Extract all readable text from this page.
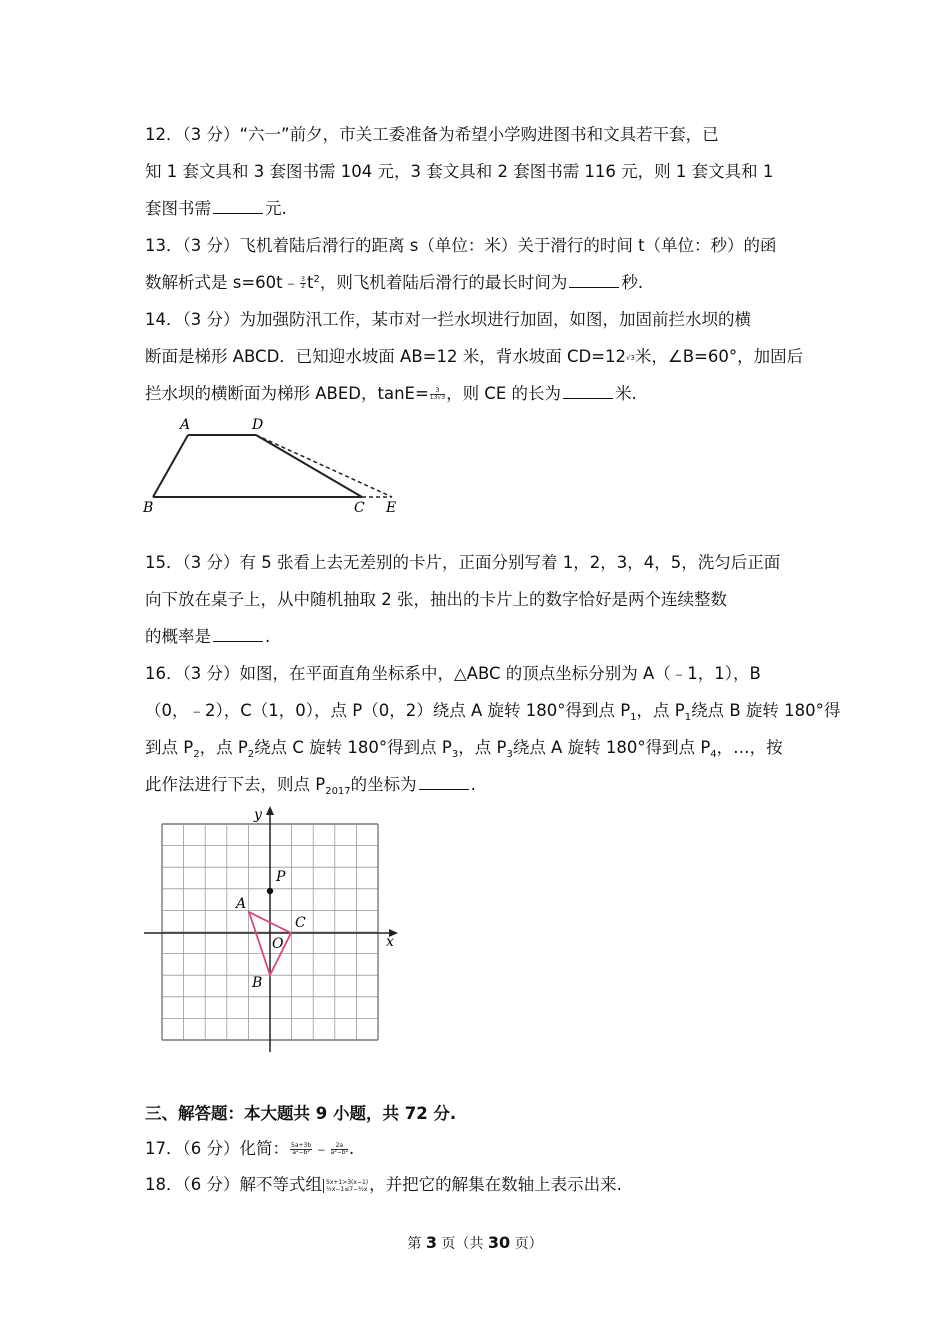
12．（3 分）“六一”前夕，市关工委准备为希望小学购进图书和文具若干套，已
知 1 套文具和 3 套图书需 104 元，3 套文具和 2 套图书需 116 元，则 1 套文具和 1
套图书需	元.
13．（3 分）飞机着陆后滑行的距离 s（单位：米）关于滑行的时间 t（单位：秒）的函
数解析式是 s=60t﹣ $\frac{3}{2} t^2$，则飞机着陆后滑行的最长时间为	秒.
14．（3 分）为加强防汛工作，某市对一拦水坝进行加固，如图，加固前拦水坝的横
断面是梯形 ABCD．已知迎水坡面 AB=12 米，背水坡面 CD=12√3米，∠B=60°，加固后
拦水坝的横断面为梯形 ABED，$\tan E= \frac{3}{13√3}$ ，则 CE 的长为	米.
A	D
B	C E
15．（3 分）有 5 张看上去无差别的卡片，正面分别写着 1，2，3，4，5，洗匀后正面
向下放在桌子上，从中随机抽取 2 张，抽出的卡片上的数字恰好是两个连续整数
的概率是	.
16．（3 分）如图，在平面直角坐标系中，△ABC 的顶点坐标分别为 A（﹣1，1），B
（0，﹣2），C（1，0），点 P（0，2）绕点 A 旋转 180°得到点 $P_1$，点 $P_1$绕点 B 旋转 180°得
到点 $P_2$，点 $P_2$绕点 C 旋转 180°得到点 $P_3$，点 $P_3$绕点 A 旋转 180°得到点 $P_4$，…，按
此作法进行下去，则点 $P_{2017}$的坐标为	.
y
x
P
A
C
O
B
三、解答题：本大题共 9 小题，共 72 分.
17．（6 分）化简： $\frac{5a+3b}{\text{a²−b²}}$ ﹣ $\frac{2a}{\text{a²−b²}}$ .
18．（6 分）解不等式组 5x+1>3(x−1)
½x−1≤7−³⁄₂x ，并把它的解集在数轴上表示出来.
第 3 页（共 30 页）
